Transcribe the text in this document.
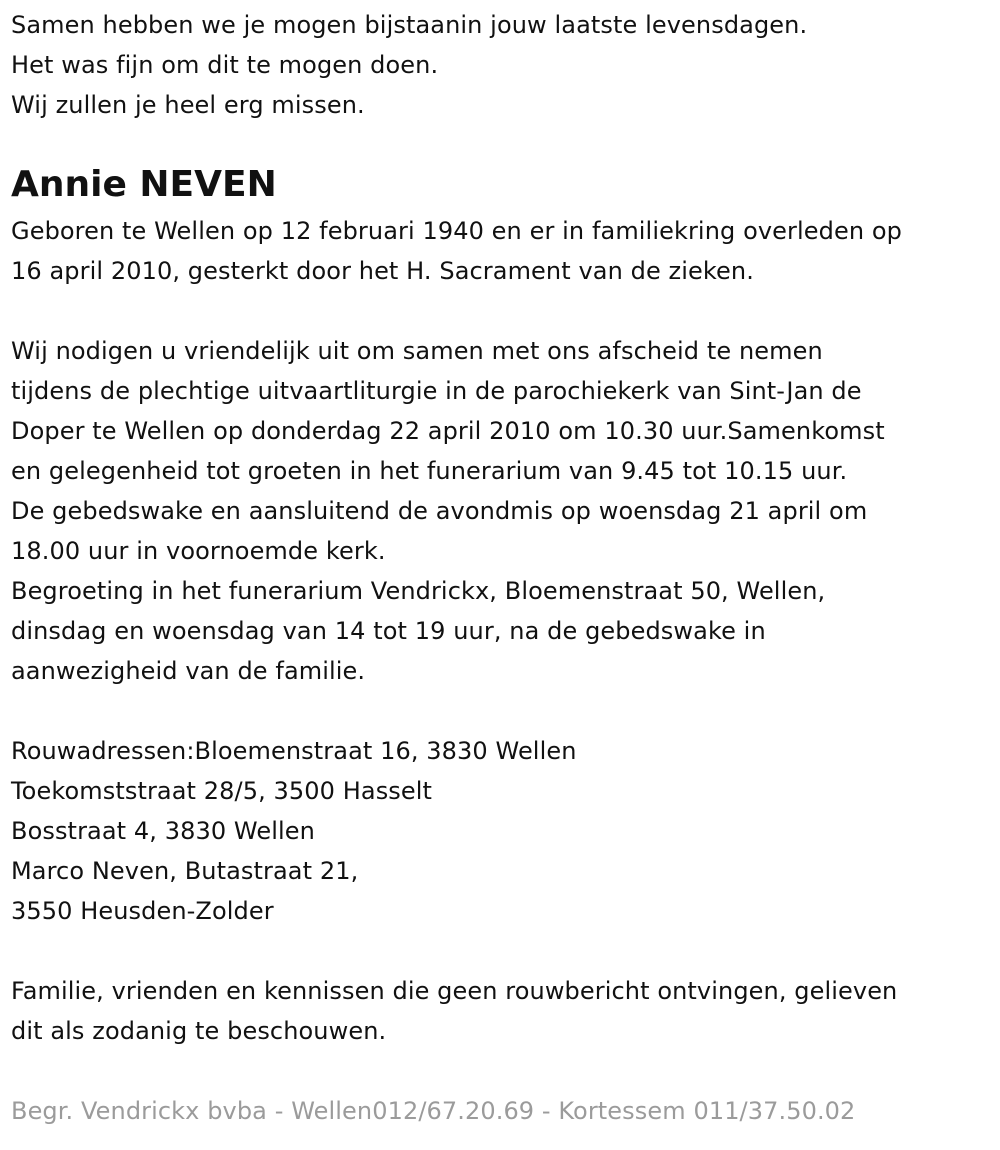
Samen hebben we je mogen bijstaanin jouw laatste levensdagen.
Het was fijn om dit te mogen doen.
Wij zullen je heel erg missen.
Annie NEVEN
Geboren te Wellen op 12 februari 1940 en er in familiekring overleden op
16 april 2010, gesterkt door het H. Sacrament van de zieken.
Wij nodigen u vriendelijk uit om samen met ons afscheid te nemen
tijdens de plechtige uitvaartliturgie in de parochiekerk van Sint-Jan de
Doper te Wellen op donderdag 22 april 2010 om 10.30 uur.Samenkomst
en gelegenheid tot groeten in het funerarium van 9.45 tot 10.15 uur.
De gebedswake en aansluitend de avondmis op woensdag 21 april om
18.00 uur in voornoemde kerk.
Begroeting in het funerarium Vendrickx, Bloemenstraat 50, Wellen,
dinsdag en woensdag van 14 tot 19 uur, na de gebedswake in
aanwezigheid van de familie.
Rouwadressen:Bloemenstraat 16, 3830 Wellen
Toekomststraat 28/5, 3500 Hasselt
Bosstraat 4, 3830 Wellen
Marco Neven, Butastraat 21,
3550 Heusden-Zolder
Familie, vrienden en kennissen die geen rouwbericht ontvingen, gelieven
dit als zodanig te beschouwen.
Begr. Vendrickx bvba - Wellen012/67.20.69 - Kortessem 011/37.50.02
